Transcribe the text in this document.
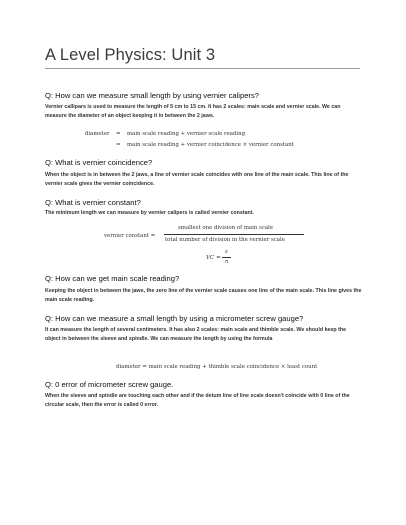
A Level Physics: Unit 3
Q: How can we measure small length by using vernier calipers?
Vernier callipars is used to measure the length of 5 cm to 15 cm. It has 2 scales: main scale and vernier scale. We can measure the diameter of an object keeping it in between the 2 jaws.
diameter = main scale reading + vernier scale reading
= main scale reading + vernier coincidence × vernier constant
Q: What is vernier coincidence?
When the object is in between the 2 jaws, a line of vernier scale coincides with one line of the main scale. This line of the vernier scale gives the vernier coincidence.
Q: What is vernier constant?
The minimum length we can measure by vernier calipers is called vernier constant.
vernier constant =
smallest one division of main scale
total number of division in the vernier scale
VC =
s
n
Q: How can we get main scale reading?
Keeping the object in between the jaws, the zero line of the vernier scale causes one line of the main scale. This line gives the main scale reading.
Q: How can we measure a small length by using a micrometer screw gauge?
It can measure the length of several centimeters. It has also 2 scales: main scale and thimble scale. We should keep the object in between the sleeve and spindle. We can measure the length by using the formula
diameter = main scale reading + thimble scale coincidence × least count
Q: 0 error of micrometer screw gauge.
When the sleeve and spindle are touching each other and if the detum line of line scale doesn't coincide with 0 line of the circular scale, then the error is called 0 error.
